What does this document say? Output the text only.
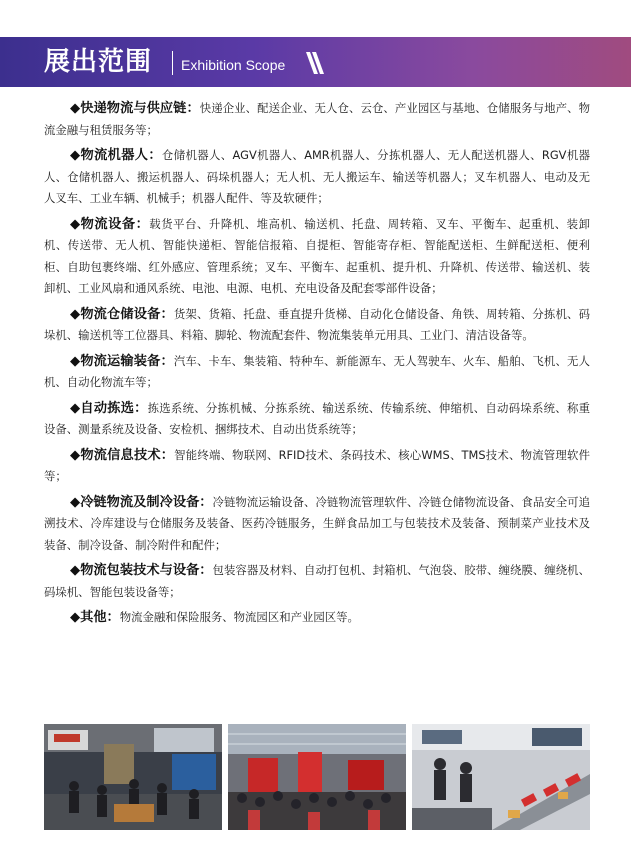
展出范围 Exhibition Scope
◆快递物流与供应链：快递企业、配送企业、无人仓、云仓、产业园区与基地、仓储服务与地产、物流金融与租赁服务等；
◆物流机器人：仓储机器人、AGV机器人、AMR机器人、分拣机器人、无人配送机器人、RGV机器人、仓储机器人、搬运机器人、码垛机器人；无人机、无人搬运车、输送等机器人；叉车机器人、电动及无人叉车、工业车辆、机械手；机器人配件、等及软硬件；
◆物流设备：载货平台、升降机、堆高机、输送机、托盘、周转箱、叉车、平衡车、起重机、装卸机、传送带、无人机、智能快递柜、智能信报箱、自提柜、智能寄存柜、智能配送柜、生鲜配送柜、便利柜、自助包裹终端、红外感应、管理系统；叉车、平衡车、起重机、提升机、升降机、传送带、输送机、装卸机、工业风扇和通风系统、电池、电源、电机、充电设备及配套零部件设备；
◆物流仓储设备：货架、货箱、托盘、垂直提升货梯、自动化仓储设备、角铁、周转箱、分拣机、码垛机、输送机等工位器具、料箱、脚轮、物流配套件、物流集装单元用具、工业门、清洁设备等。
◆物流运输装备：汽车、卡车、集装箱、特种车、新能源车、无人驾驶车、火车、船舶、飞机、无人机、自动化物流车等；
◆自动拣选：拣选系统、分拣机械、分拣系统、输送系统、传输系统、伸缩机、自动码垛系统、称重设备、测量系统及设备、安检机、捆绑技术、自动出货系统等；
◆物流信息技术：智能终端、物联网、RFID技术、条码技术、核心WMS、TMS技术、物流管理软件等；
◆冷链物流及制冷设备：冷链物流运输设备、冷链物流管理软件、冷链仓储物流设备、食品安全可追溯技术、冷库建设与仓储服务及装备、医药冷链服务，生鲜食品加工与包装技术及装备、预制菜产业技术及装备、制冷设备、制冷附件和配件；
◆物流包装技术与设备：包装容器及材料、自动打包机、封箱机、气泡袋、胶带、缠绕膜、缠绕机、码垛机、智能包装设备等；
◆其他：物流金融和保险服务、物流园区和产业园区等。
